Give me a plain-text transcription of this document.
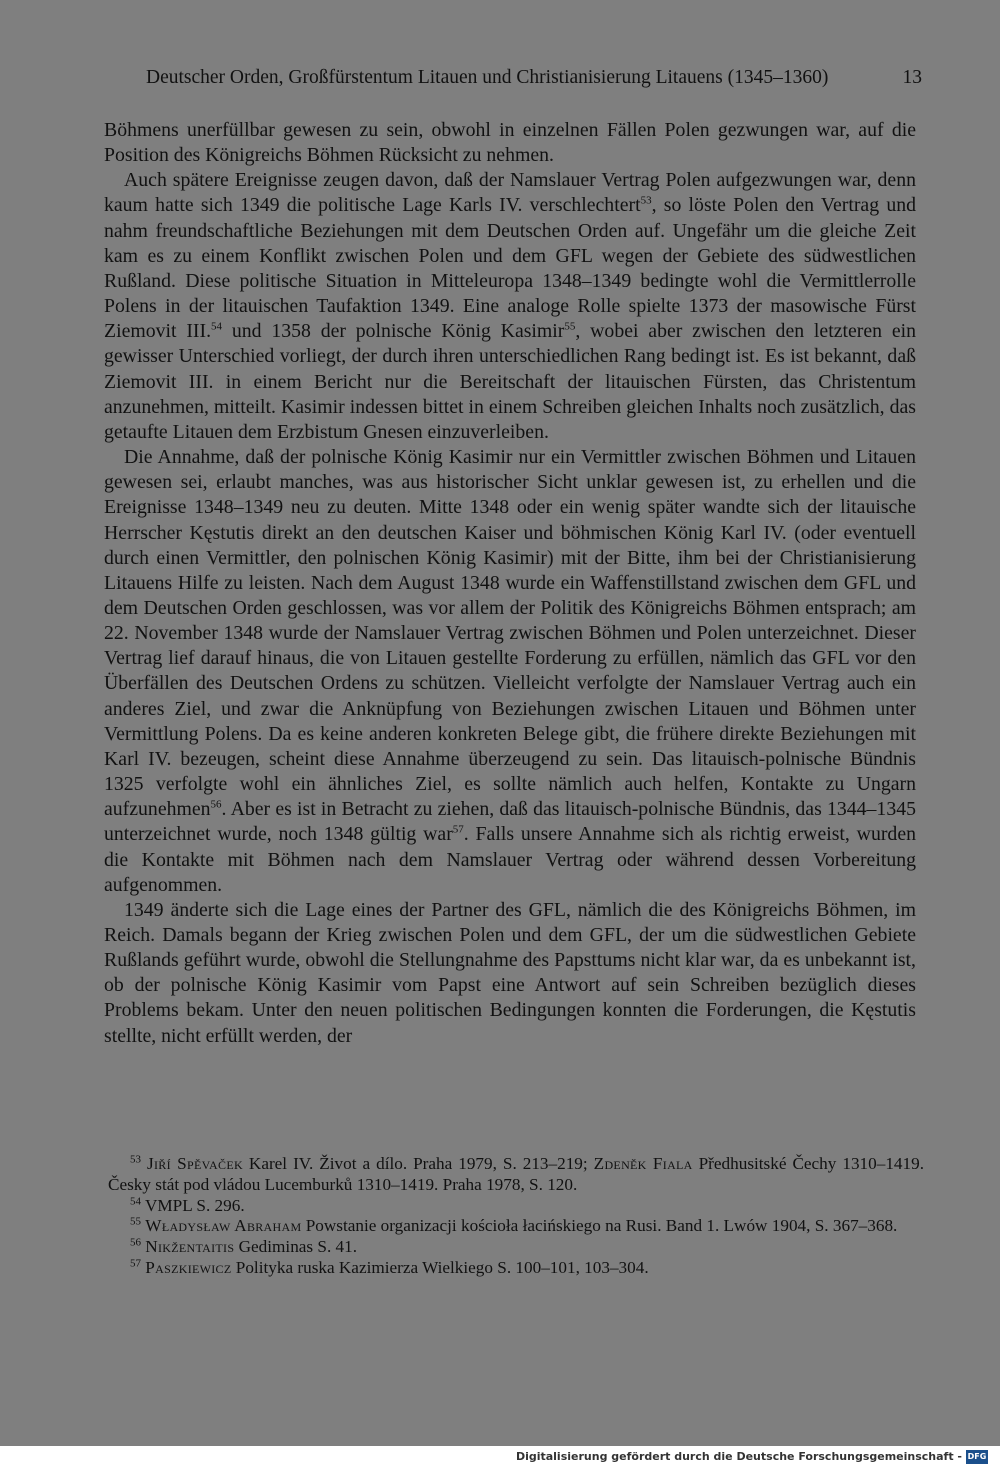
Deutscher Orden, Großfürstentum Litauen und Christianisierung Litauens (1345–1360)	13

Böhmens unerfüllbar gewesen zu sein, obwohl in einzelnen Fällen Polen gezwungen war, auf die Position des Königreichs Böhmen Rücksicht zu nehmen.

Auch spätere Ereignisse zeugen davon, daß der Namslauer Vertrag Polen aufgezwungen war, denn kaum hatte sich 1349 die politische Lage Karls IV. verschlechtert$^{53}$, so löste Polen den Vertrag und nahm freundschaftliche Beziehungen mit dem Deutschen Orden auf. Ungefähr um die gleiche Zeit kam es zu einem Konflikt zwischen Polen und dem GFL wegen der Gebiete des südwestlichen Rußland. Diese politische Situation in Mitteleuropa 1348–1349 bedingte wohl die Vermittlerrolle Polens in der litauischen Taufaktion 1349. Eine analoge Rolle spielte 1373 der masowische Fürst Ziemovit III.$^{54}$ und 1358 der polnische König Kasimir$^{55}$, wobei aber zwischen den letzteren ein gewisser Unterschied vorliegt, der durch ihren unterschiedlichen Rang bedingt ist. Es ist bekannt, daß Ziemovit III. in einem Bericht nur die Bereitschaft der litauischen Fürsten, das Christentum anzunehmen, mitteilt. Kasimir indessen bittet in einem Schreiben gleichen Inhalts noch zusätzlich, das getaufte Litauen dem Erzbistum Gnesen einzuverleiben.

Die Annahme, daß der polnische König Kasimir nur ein Vermittler zwischen Böhmen und Litauen gewesen sei, erlaubt manches, was aus historischer Sicht unklar gewesen ist, zu erhellen und die Ereignisse 1348–1349 neu zu deuten. Mitte 1348 oder ein wenig später wandte sich der litauische Herrscher Kęstutis direkt an den deutschen Kaiser und böhmischen König Karl IV. (oder eventuell durch einen Vermittler, den polnischen König Kasimir) mit der Bitte, ihm bei der Christianisierung Litauens Hilfe zu leisten. Nach dem August 1348 wurde ein Waffenstillstand zwischen dem GFL und dem Deutschen Orden geschlossen, was vor allem der Politik des Königreichs Böhmen entsprach; am 22. November 1348 wurde der Namslauer Vertrag zwischen Böhmen und Polen unterzeichnet. Dieser Vertrag lief darauf hinaus, die von Litauen gestellte Forderung zu erfüllen, nämlich das GFL vor den Überfällen des Deutschen Ordens zu schützen. Vielleicht verfolgte der Namslauer Vertrag auch ein anderes Ziel, und zwar die Anknüpfung von Beziehungen zwischen Litauen und Böhmen unter Vermittlung Polens. Da es keine anderen konkreten Belege gibt, die frühere direkte Beziehungen mit Karl IV. bezeugen, scheint diese Annahme überzeugend zu sein. Das litauisch-polnische Bündnis 1325 verfolgte wohl ein ähnliches Ziel, es sollte nämlich auch helfen, Kontakte zu Ungarn aufzunehmen$^{56}$. Aber es ist in Betracht zu ziehen, daß das litauisch-polnische Bündnis, das 1344–1345 unterzeichnet wurde, noch 1348 gültig war$^{57}$. Falls unsere Annahme sich als richtig erweist, wurden die Kontakte mit Böhmen nach dem Namslauer Vertrag oder während dessen Vorbereitung aufgenommen.

1349 änderte sich die Lage eines der Partner des GFL, nämlich die des Königreichs Böhmen, im Reich. Damals begann der Krieg zwischen Polen und dem GFL, der um die südwestlichen Gebiete Rußlands geführt wurde, obwohl die Stellungnahme des Papsttums nicht klar war, da es unbekannt ist, ob der polnische König Kasimir vom Papst eine Antwort auf sein Schreiben bezüglich dieses Problems bekam. Unter den neuen politischen Bedingungen konnten die Forderungen, die Kęstutis stellte, nicht erfüllt werden, der

$^{53}$ Jiří Spěvaček Karel IV. Život a dílo. Praha 1979, S. 213–219; Zdeněk Fiala Předhusitské Čechy 1310–1419. Česky stát pod vládou Lucemburků 1310–1419. Praha 1978, S. 120.

$^{54}$ VMPL S. 296.

$^{55}$ Władysław Abraham Powstanie organizacji kościoła łacińskiego na Rusi. Band 1. Lwów 1904, S. 367–368.

$^{56}$ Nikžentaitis Gediminas S. 41.

$^{57}$ Paszkiewicz Polityka ruska Kazimierza Wielkiego S. 100–101, 103–304.

Digitalisierung gefördert durch die Deutsche Forschungsgemeinschaft - DFG
